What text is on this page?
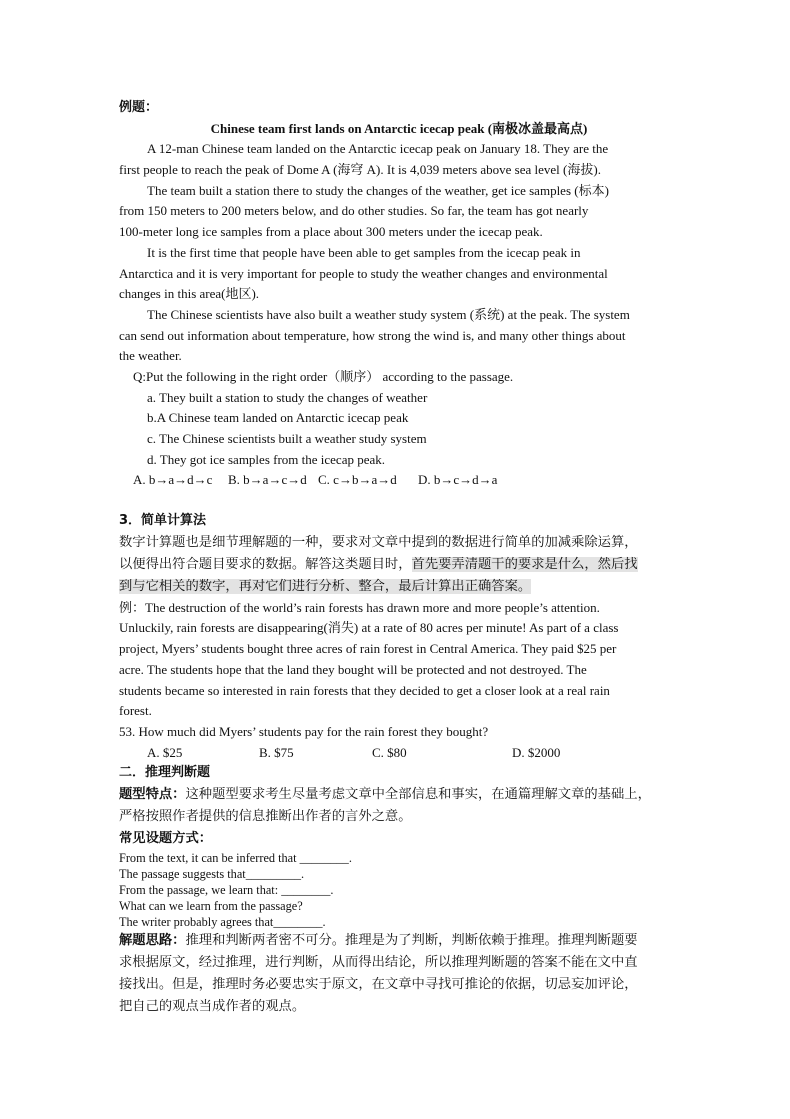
例题：
Chinese team first lands on Antarctic icecap peak (南极冰盖最高点)
A 12-man Chinese team landed on the Antarctic icecap peak on January 18. They are the
first people to reach the peak of Dome A (海穹 A). It is 4,039 meters above sea level (海拔).
The team built a station there to study the changes of the weather, get ice samples (标本)
from 150 meters to 200 meters below, and do other studies. So far, the team has got nearly
100-meter long ice samples from a place about 300 meters under the icecap peak.
It is the first time that people have been able to get samples from the icecap peak in
Antarctica and it is very important for people to study the weather changes and environmental
changes in this area(地区).
The Chinese scientists have also built a weather study system (系统) at the peak. The system
can send out information about temperature, how strong the wind is, and many other things about
the weather.
Q:Put the following in the right order（顺序） according to the passage.
a. They built a station to study the changes of weather
b.A Chinese team landed on Antarctic icecap peak
c. The Chinese scientists built a weather study system
d. They got ice samples from the icecap peak.
A. b→a→d→c B. b→a→c→d C. c→b→a→d D. b→c→d→a
3．简单计算法
数字计算题也是细节理解题的一种，要求对文章中提到的数据进行简单的加减乘除运算，
以便得出符合题目要求的数据。解答这类题目时，首先要弄清题干的要求是什么，然后找
到与它相关的数字，再对它们进行分析、整合，最后计算出正确答案。
例：The destruction of the world’s rain forests has drawn more and more people’s attention.
Unluckily, rain forests are disappearing(消失) at a rate of 80 acres per minute! As part of a class
project, Myers’ students bought three acres of rain forest in Central America. They paid $25 per
acre. The students hope that the land they bought will be protected and not destroyed. The
students became so interested in rain forests that they decided to get a closer look at a real rain
forest.
53. How much did Myers’ students pay for the rain forest they bought?
A. $25	B. $75	C. $80	D. $2000
二．推理判断题
题型特点：这种题型要求考生尽量考虑文章中全部信息和事实，在通篇理解文章的基础上，
严格按照作者提供的信息推断出作者的言外之意。
常见设题方式：
From the text, it can be inferred that ________.
The passage suggests that_________.
From the passage, we learn that: ________.
What can we learn from the passage?
The writer probably agrees that________.
解题思路：推理和判断两者密不可分。推理是为了判断，判断依赖于推理。推理判断题要
求根据原文，经过推理，进行判断，从而得出结论，所以推理判断题的答案不能在文中直
接找出。但是，推理时务必要忠实于原文，在文章中寻找可推论的依据，切忌妄加评论，
把自己的观点当成作者的观点。
